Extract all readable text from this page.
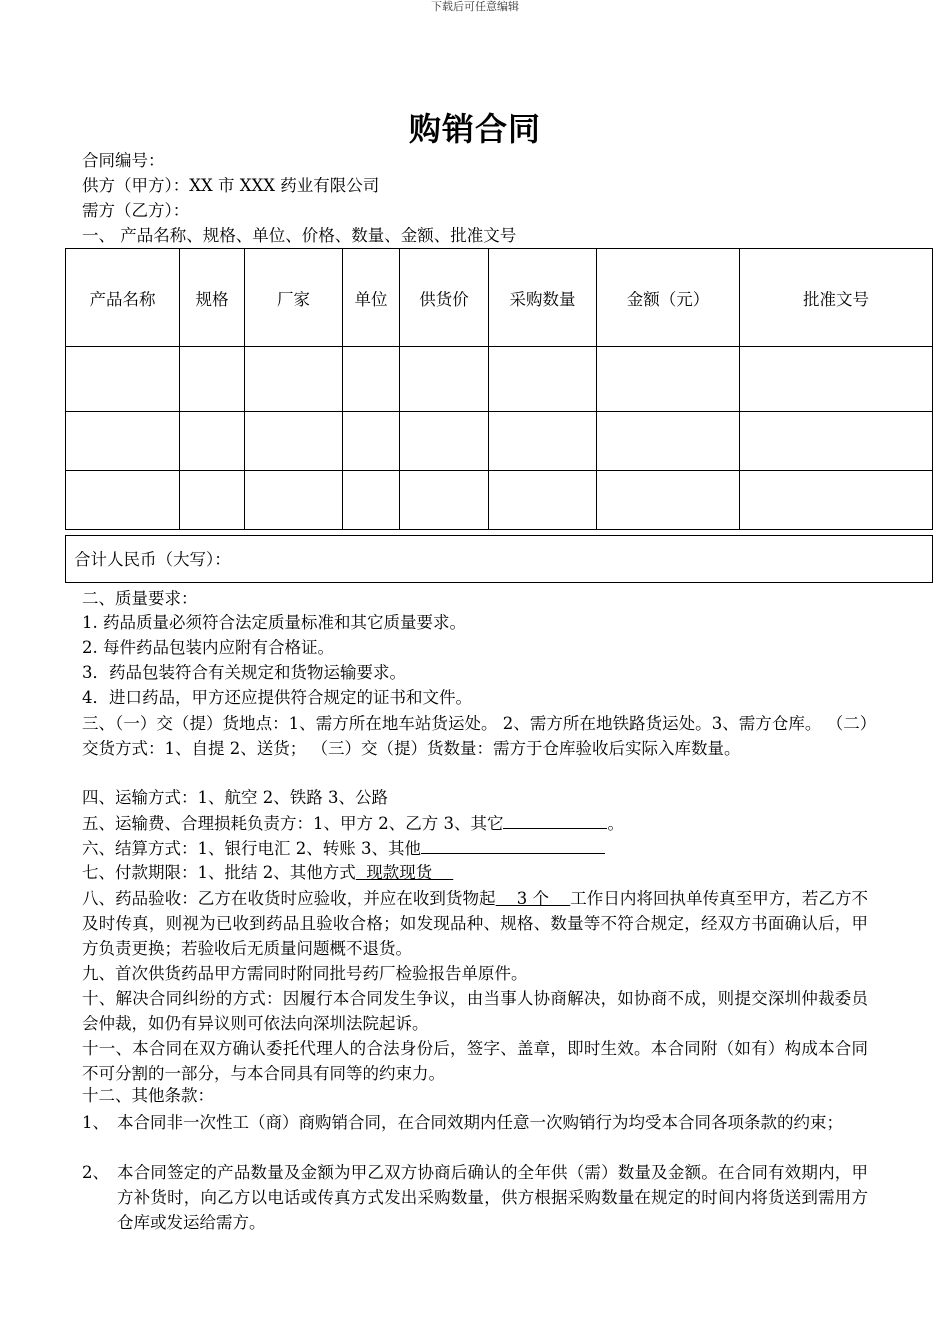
下载后可任意编辑
购销合同
合同编号：
供方（甲方）：XX 市 XXX 药业有限公司
需方（乙方）：
一、 产品名称、规格、单位、价格、数量、金额、批准文号
产品名称	规格	厂家	单位	供货价	采购数量	金额（元）	批准文号

合计人民币（大写）：
二、质量要求：
1. 药品质量必须符合法定质量标准和其它质量要求。
2. 每件药品包装内应附有合格证。
3．药品包装符合有关规定和货物运输要求。
4．进口药品，甲方还应提供符合规定的证书和文件。
三、（一）交（提）货地点：1、需方所在地车站货运处。 2、需方所在地铁路货运处。3、需方仓库。 （二）交货方式：1、自提 2、送货； （三）交（提）货数量：需方于仓库验收后实际入库数量。
四、运输方式：1、航空 2、铁路 3、公路
五、运输费、合理损耗负责方：1、甲方 2、乙方 3、其它	。
六、结算方式：1、银行电汇 2、转账 3、其他
七、付款期限：1、批结 2、其他方式  现款现货
八、药品验收：乙方在收货时应验收，并应在收到货物起    3 个    工作日内将回执单传真至甲方，若乙方不及时传真，则视为已收到药品且验收合格；如发现品种、规格、数量等不符合规定，经双方书面确认后，甲方负责更换；若验收后无质量问题概不退货。
九、首次供货药品甲方需同时附同批号药厂检验报告单原件。
十、解决合同纠纷的方式：因履行本合同发生争议，由当事人协商解决，如协商不成，则提交深圳仲裁委员会仲裁，如仍有异议则可依法向深圳法院起诉。
十一、本合同在双方确认委托代理人的合法身份后，签字、盖章，即时生效。本合同附（如有）构成本合同不可分割的一部分，与本合同具有同等的约束力。
十二、其他条款：
1、 本合同非一次性工（商）商购销合同，在合同效期内任意一次购销行为均受本合同各项条款的约束；
2、 本合同签定的产品数量及金额为甲乙双方协商后确认的全年供（需）数量及金额。在合同有效期内，甲方补货时，向乙方以电话或传真方式发出采购数量，供方根据采购数量在规定的时间内将货送到需用方仓库或发运给需方。
